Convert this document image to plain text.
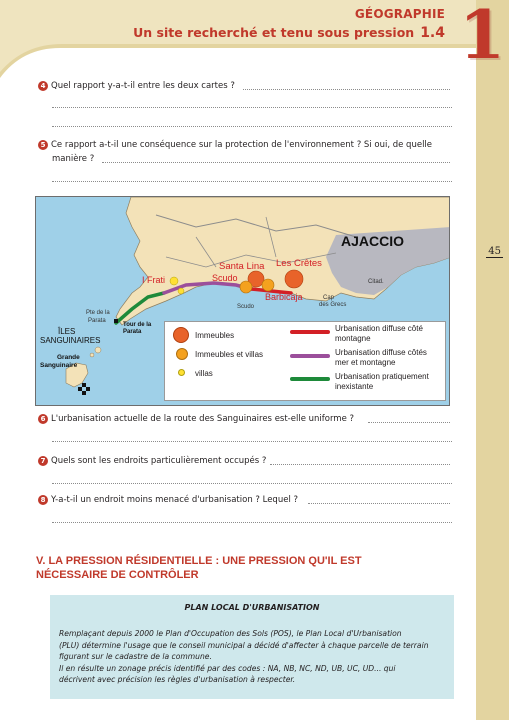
GÉOGRAPHIE
Un site recherché et tenu sous pression 1.4 1
45
4 Quel rapport y-a-t-il entre les deux cartes ?
5 Ce rapport a-t-il une conséquence sur la protection de l'environnement ? Si oui, de quelle
manière ?
AJACCIO
Les Crêtes
Santa Lina
Scudo
Barbicaja
I Frati
Scudo
Citad.
Cap
des Grecs
Pte de la
Parata
Tour de la
Parata
ÎLES
SANGUINAIRES
Grande
Sanguinaire
Immeubles
Immeubles et villas
villas
Urbanisation diffuse côté
montagne
Urbanisation diffuse côtés
mer et montagne
Urbanisation pratiquement
inexistante
6 L'urbanisation actuelle de la route des Sanguinaires est-elle uniforme ?
7 Quels sont les endroits particulièrement occupés ?
8 Y-a-t-il un endroit moins menacé d'urbanisation ? Lequel ?
V. LA PRESSION RÉSIDENTIELLE : UNE PRESSION QU'IL EST
NÉCESSAIRE DE CONTRÔLER
PLAN LOCAL D'URBANISATION
Remplaçant depuis 2000 le Plan d'Occupation des Sols (POS), le Plan Local d'Urbanisation
(PLU) détermine l'usage que le conseil municipal a décidé d'affecter à chaque parcelle de terrain
figurant sur le cadastre de la commune.
Il en résulte un zonage précis identifié par des codes : NA, NB, NC, ND, UB, UC, UD... qui
décrivent avec précision les règles d'urbanisation à respecter.
